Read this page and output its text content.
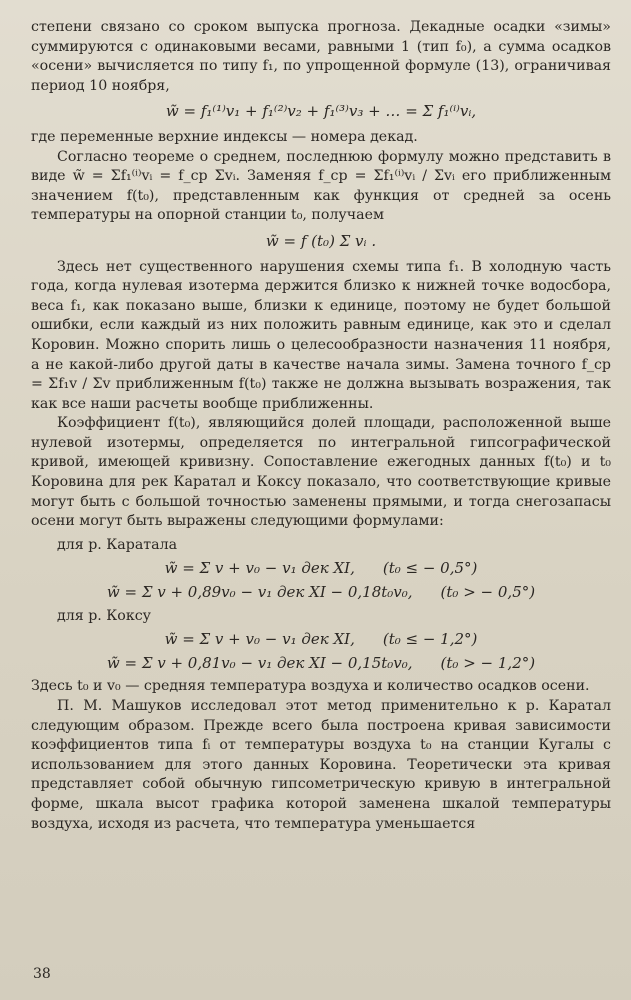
степени связано со сроком выпуска прогноза. Декадные осадки «зимы» суммируются с одинаковыми весами, равными 1 (тип f₀), а сумма осадков «осени» вычисляется по типу f₁, по упрощенной формуле (13), ограничивая период 10 ноября,

w̃ = f₁⁽¹⁾v₁ + f₁⁽²⁾v₂ + f₁⁽³⁾v₃ + … = Σ f₁⁽ⁱ⁾vᵢ,

где переменные верхние индексы — номера декад.

Согласно теореме о среднем, последнюю формулу можно представить в виде w̃ = Σf₁⁽ⁱ⁾vᵢ = f_ср Σvᵢ. Заменяя f_ср = Σf₁⁽ⁱ⁾vᵢ / Σvᵢ его приближенным значением f(t₀), представленным как функция от средней за осень температуры на опорной станции t₀, получаем

w̃ = f (t₀) Σ vᵢ .

Здесь нет существенного нарушения схемы типа f₁. В холодную часть года, когда нулевая изотерма держится близко к нижней точке водосбора, веса f₁, как показано выше, близки к единице, поэтому не будет большой ошибки, если каждый из них положить равным единице, как это и сделал Коровин. Можно спорить лишь о целесообразности назначения 11 ноября, а не какой-либо другой даты в качестве начала зимы. Замена точного f_ср = Σf₁v / Σv приближенным f(t₀) также не должна вызывать возражения, так как все наши расчеты вообще приближенны.

Коэффициент f(t₀), являющийся долей площади, расположенной выше нулевой изотермы, определяется по интегральной гипсографической кривой, имеющей кривизну. Сопоставление ежегодных данных f(t₀) и t₀ Коровина для рек Каратал и Коксу показало, что соответствующие кривые могут быть с большой точностью заменены прямыми, и тогда снегозапасы осени могут быть выражены следующими формулами:

для р. Каратала
w̃ = Σ v + v₀ − v₁ дек XI, (t₀ ≤ − 0,5°)
w̃ = Σ v + 0,89v₀ − v₁ дек XI − 0,18t₀v₀, (t₀ > − 0,5°)
для р. Коксу
w̃ = Σ v + v₀ − v₁ дек XI, (t₀ ≤ − 1,2°)
w̃ = Σ v + 0,81v₀ − v₁ дек XI − 0,15t₀v₀, (t₀ > − 1,2°)

Здесь t₀ и v₀ — средняя температура воздуха и количество осадков осени.

П. М. Машуков исследовал этот метод применительно к р. Каратал следующим образом. Прежде всего была построена кривая зависимости коэффициентов типа fᵢ от температуры воздуха t₀ на станции Кугалы с использованием для этого данных Коровина. Теоретически эта кривая представляет собой обычную гипсометрическую кривую в интегральной форме, шкала высот графика которой заменена шкалой температуры воздуха, исходя из расчета, что температура уменьшается

38
